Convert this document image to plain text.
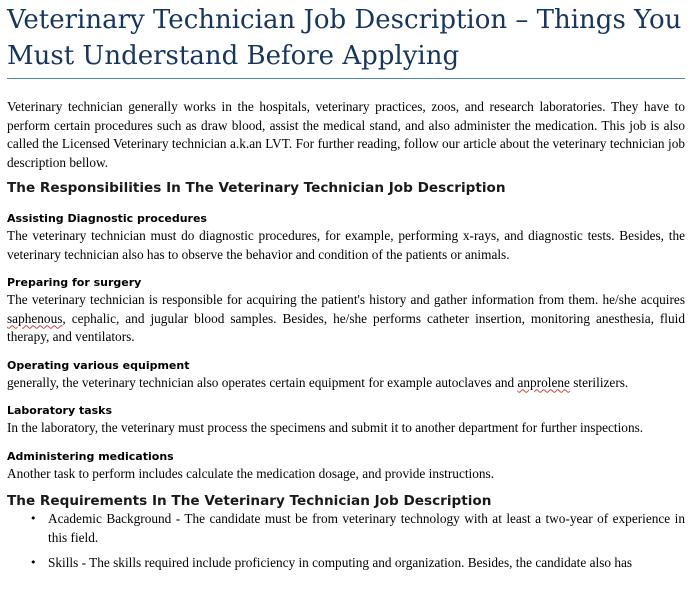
Veterinary Technician Job Description – Things You Must Understand Before Applying

Veterinary technician generally works in the hospitals, veterinary practices, zoos, and research laboratories. They have to perform certain procedures such as draw blood, assist the medical stand, and also administer the medication. This job is also called the Licensed Veterinary technician a.k.an LVT. For further reading, follow our article about the veterinary technician job description bellow.

The Responsibilities In The Veterinary Technician Job Description

Assisting Diagnostic procedures

The veterinary technician must do diagnostic procedures, for example, performing x-rays, and diagnostic tests. Besides, the veterinary technician also has to observe the behavior and condition of the patients or animals.

Preparing for surgery

The veterinary technician is responsible for acquiring the patient's history and gather information from them. he/she acquires saphenous, cephalic, and jugular blood samples. Besides, he/she performs catheter insertion, monitoring anesthesia, fluid therapy, and ventilators.

Operating various equipment

generally, the veterinary technician also operates certain equipment for example autoclaves and anprolene sterilizers.

Laboratory tasks

In the laboratory, the veterinary must process the specimens and submit it to another department for further inspections.

Administering medications

Another task to perform includes calculate the medication dosage, and provide instructions.

The Requirements In The Veterinary Technician Job Description
• Academic Background - The candidate must be from veterinary technology with at least a two-year of experience in this field.
• Skills - The skills required include proficiency in computing and organization. Besides, the candidate also has
